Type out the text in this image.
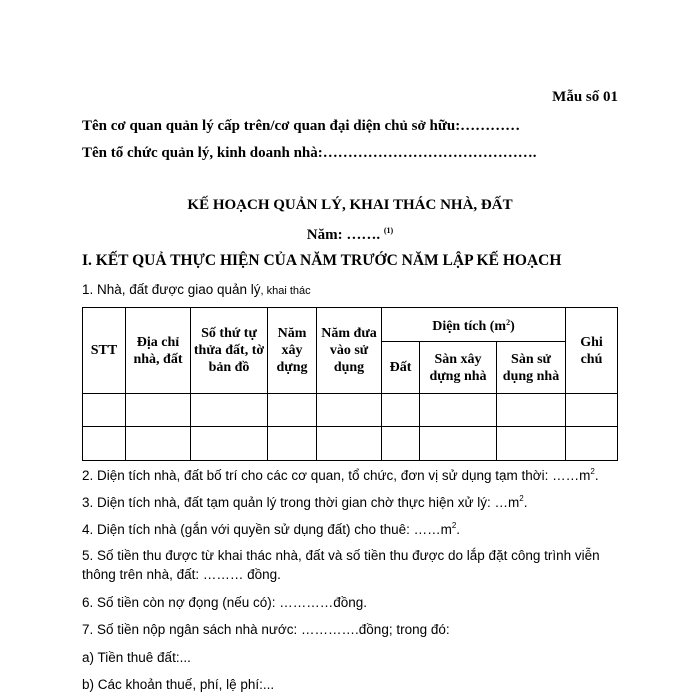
Mẫu số 01
Tên cơ quan quản lý cấp trên/cơ quan đại diện chủ sở hữu:…………
Tên tổ chức quản lý, kinh doanh nhà:…………………………………….
KẾ HOẠCH QUẢN LÝ, KHAI THÁC NHÀ, ĐẤT
Năm: ……. $^{(1)}$
I. KẾT QUẢ THỰC HIỆN CỦA NĂM TRƯỚC NĂM LẬP KẾ HOẠCH
1. Nhà, đất được giao quản lý, khai thác
STT	Địa chỉ nhà, đất	Số thứ tự thửa đất, tờ bản đồ	Năm xây dựng	Năm đưa vào sử dụng	Diện tích $(m^2)$			Ghi chú
					Đất	Sàn xây dựng nhà	Sàn sử dụng nhà	

2. Diện tích nhà, đất bố trí cho các cơ quan, tổ chức, đơn vị sử dụng tạm thời: $\dots\dots m^2$.
3. Diện tích nhà, đất tạm quản lý trong thời gian chờ thực hiện xử lý: $\dots m^2$.
4. Diện tích nhà (gắn với quyền sử dụng đất) cho thuê: $\dots\dots m^2$.
5. Số tiền thu được từ khai thác nhà, đất và số tiền thu được do lắp đặt công trình viễn
thông trên nhà, đất: ……… đồng.
6. Số tiền còn nợ đọng (nếu có): …………đồng.
7. Số tiền nộp ngân sách nhà nước: ………….đồng; trong đó:
a) Tiền thuê đất:...
b) Các khoản thuế, phí, lệ phí:...
